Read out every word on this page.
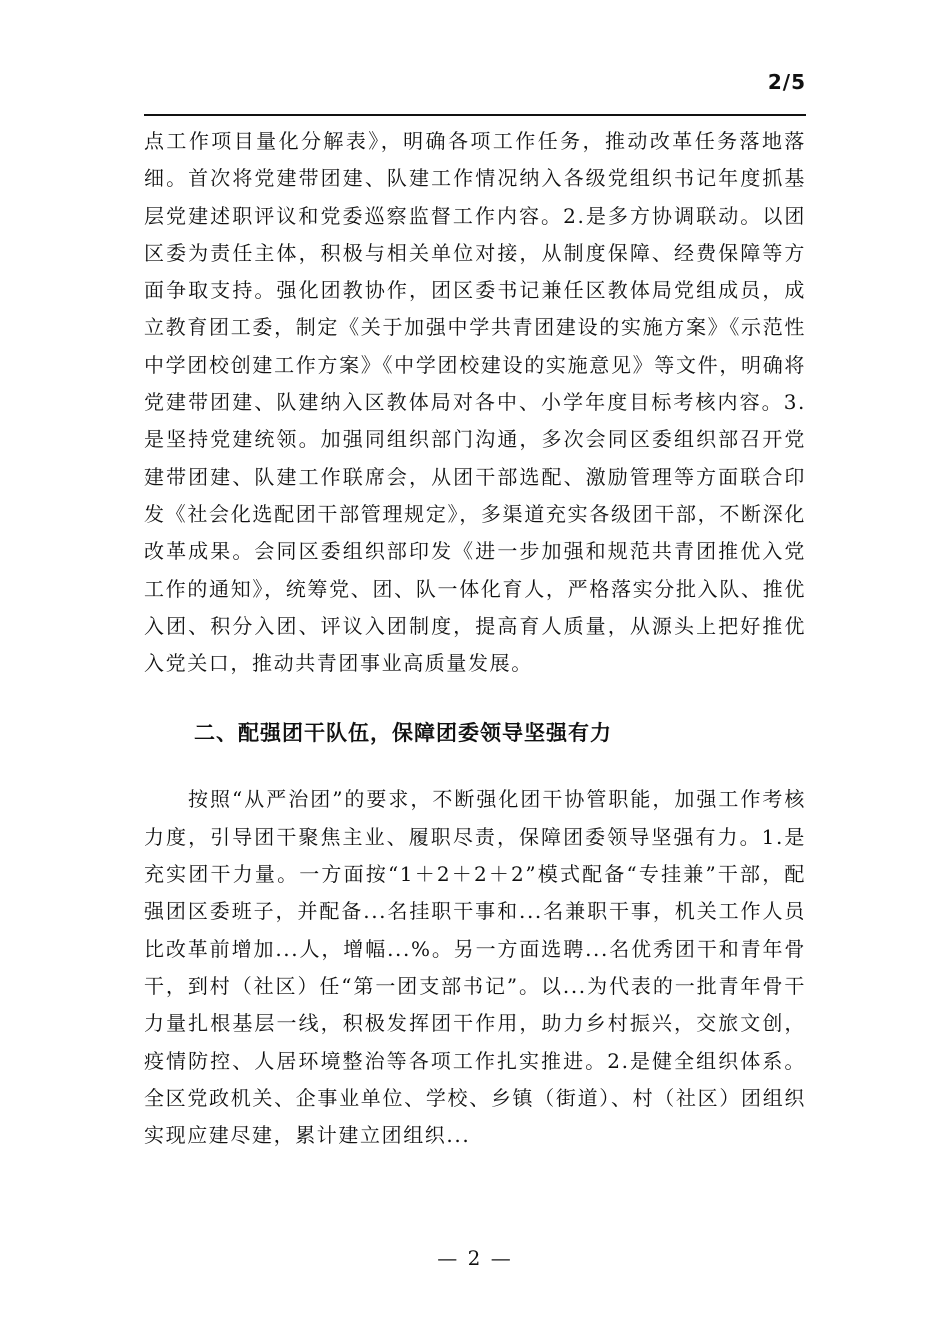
2/5

点工作项目量化分解表》，明确各项工作任务，推动改革任务落地落细。首次将党建带团建、队建工作情况纳入各级党组织书记年度抓基层党建述职评议和党委巡察监督工作内容。2.是多方协调联动。以团区委为责任主体，积极与相关单位对接，从制度保障、经费保障等方面争取支持。强化团教协作，团区委书记兼任区教体局党组成员，成立教育团工委，制定《关于加强中学共青团建设的实施方案》《示范性中学团校创建工作方案》《中学团校建设的实施意见》等文件，明确将党建带团建、队建纳入区教体局对各中、小学年度目标考核内容。3.是坚持党建统领。加强同组织部门沟通，多次会同区委组织部召开党建带团建、队建工作联席会，从团干部选配、激励管理等方面联合印发《社会化选配团干部管理规定》，多渠道充实各级团干部，不断深化改革成果。会同区委组织部印发《进一步加强和规范共青团推优入党工作的通知》，统筹党、团、队一体化育人，严格落实分批入队、推优入团、积分入团、评议入团制度，提高育人质量，从源头上把好推优入党关口，推动共青团事业高质量发展。

二、配强团干队伍，保障团委领导坚强有力

按照“从严治团”的要求，不断强化团干协管职能，加强工作考核力度，引导团干聚焦主业、履职尽责，保障团委领导坚强有力。1.是充实团干力量。一方面按“1＋2＋2＋2”模式配备“专挂兼”干部，配强团区委班子，并配备...名挂职干事和...名兼职干事，机关工作人员比改革前增加...人，增幅...%。另一方面选聘...名优秀团干和青年骨干，到村（社区）任“第一团支部书记”。以...为代表的一批青年骨干力量扎根基层一线，积极发挥团干作用，助力乡村振兴，交旅文创，疫情防控、人居环境整治等各项工作扎实推进。2.是健全组织体系。全区党政机关、企事业单位、学校、乡镇（街道）、村（社区）团组织实现应建尽建，累计建立团组织...

— 2 —
